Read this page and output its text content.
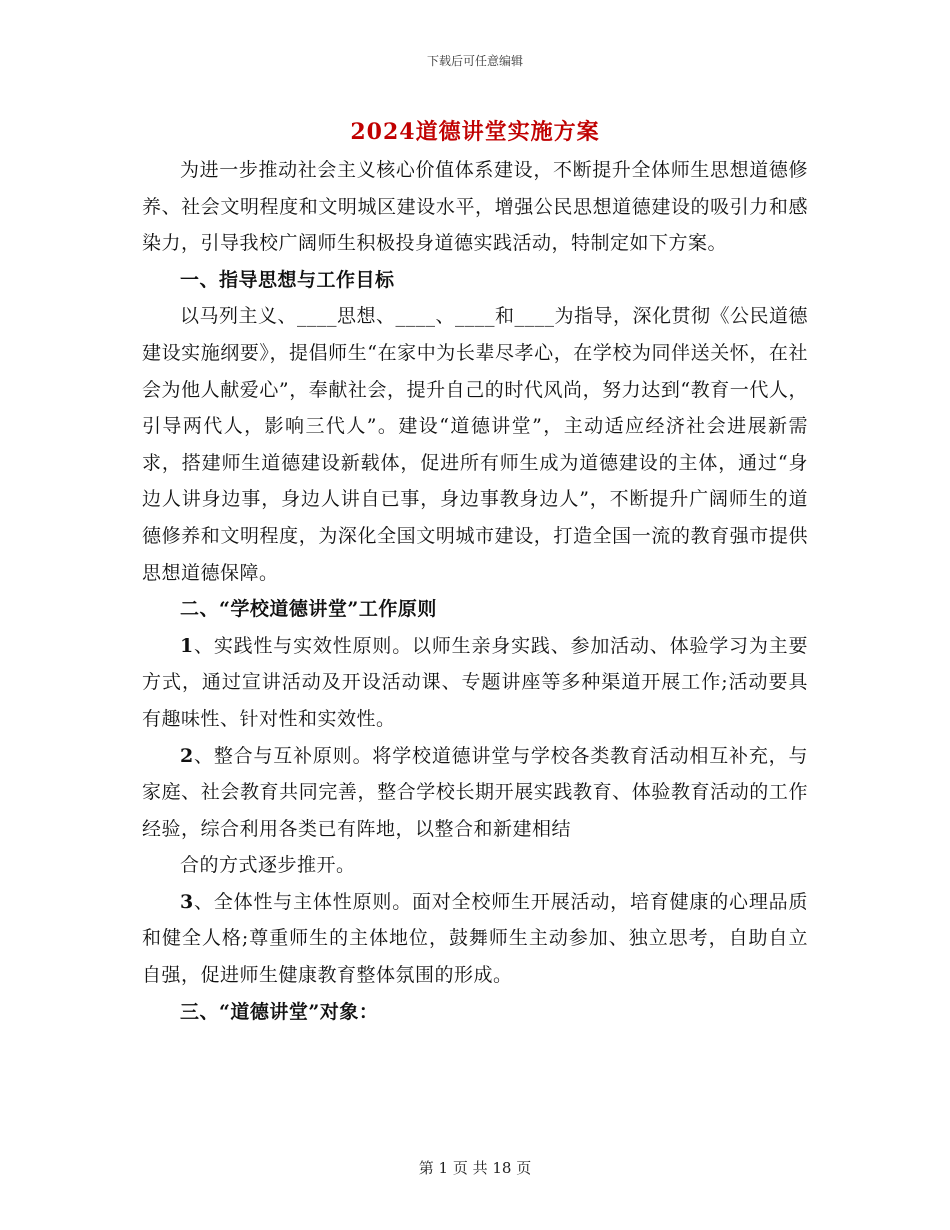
下载后可任意编辑
2024道德讲堂实施方案

为进一步推动社会主义核心价值体系建设，不断提升全体师生思想道德修养、社会文明程度和文明城区建设水平，增强公民思想道德建设的吸引力和感染力，引导我校广阔师生积极投身道德实践活动，特制定如下方案。

一、指导思想与工作目标

以马列主义、____思想、____、____和____为指导，深化贯彻《公民道德建设实施纲要》，提倡师生“在家中为长辈尽孝心，在学校为同伴送关怀，在社会为他人献爱心”，奉献社会，提升自己的时代风尚，努力达到“教育一代人，引导两代人，影响三代人”。建设“道德讲堂”，主动适应经济社会进展新需求，搭建师生道德建设新载体，促进所有师生成为道德建设的主体，通过“身边人讲身边事，身边人讲自已事，身边事教身边人”，不断提升广阔师生的道德修养和文明程度，为深化全国文明城市建设，打造全国一流的教育强市提供思想道德保障。

二、“学校道德讲堂”工作原则

1、实践性与实效性原则。以师生亲身实践、参加活动、体验学习为主要方式，通过宣讲活动及开设活动课、专题讲座等多种渠道开展工作;活动要具有趣味性、针对性和实效性。

2、整合与互补原则。将学校道德讲堂与学校各类教育活动相互补充，与家庭、社会教育共同完善，整合学校长期开展实践教育、体验教育活动的工作经验，综合利用各类已有阵地，以整合和新建相结

合的方式逐步推开。

3、全体性与主体性原则。面对全校师生开展活动，培育健康的心理品质和健全人格;尊重师生的主体地位，鼓舞师生主动参加、独立思考，自助自立自强，促进师生健康教育整体氛围的形成。

三、“道德讲堂”对象：

第 1 页 共 18 页
